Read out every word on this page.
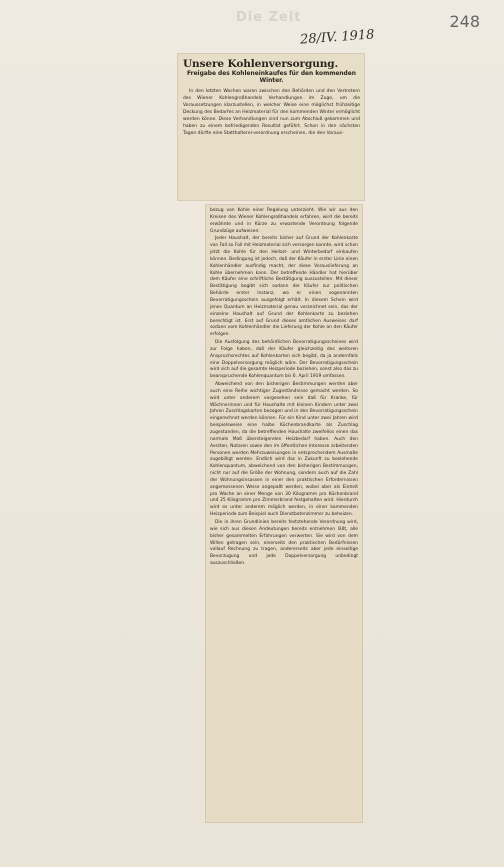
Die Zeit	248
28/IV. 1918
Unsere Kohlenversorgung.
Freigabe des Kohleneinkaufes für den kommenden Winter.

In den letzten Wochen waren zwischen den Behörden und den Vertretern des Wiener Kohlengroßhandels Verhandlungen im Zuge, um die Voraussetzungen klarzustellen, in welcher Weise eine möglichst frühzeitige Deckung des Bedarfes an Heizmaterial für den kommenden Winter ermöglicht werden könne. Diese Verhandlungen sind nun zum Abschluß gekommen und haben zu einem befriedigenden Resultat geführt. Schon in den nächsten Tagen dürfte eine Statthalterei-verordnung erscheinen, die den Voraus-

bezug von Kohle einer Regelung unterzieht. Wie wir aus den Kreisen des Wiener Kohlengroßhandels erfahren, wird die bereits erwähnte und in Kürze zu erwartende Verordnung folgende Grundzüge aufweisen:

Jeder Haushalt, der bereits bisher auf Grund der Kohlenkarte von Fall zu Fall mit Heizmaterial sich versorgen konnte, wird schon jetzt die Kohle für den Herbst- und Winterbedarf einkaufen können. Bedingung ist jedoch, daß der Käufer in erster Linie einen Kohlenhändler ausfindig macht, der diese Vorauslieferung an Kohle übernehmen kann. Der betreffende Händler hat hierüber dem Käufer eine schriftliche Bestätigung auszustellen. Mit dieser Bestätigung begibt sich sodann der Käufer zur politischen Behörde erster Instanz, wo er einen sogenannten Bevorratigungsschein ausgefolgt erhält. In diesem Schein wird jenes Quantum an Heizmaterial genau verzeichnet sein, das der einzelne Haushalt auf Grund der Kohlenkarte zu beziehen berechtigt ist. Erst auf Grund dieses amtlichen Ausweises darf sodann vom Kohlenhändler die Lieferung der Kohle an den Käufer erfolgen.

Die Ausfolgung des behördlichen Bevorratigungsscheines wird zur Folge haben, daß der Käufer gleichzeitig des weiteren Anspruchsrechtes auf Kohlenkarten sich begibt, da ja andernfalls eine Doppelversorgung möglich wäre. Der Bevorratigungsschein wird sich auf die gesamte Heizperiode beziehen, sonst also das zu beanspruchende Kohlenquantum bis 6. April 1919 umfassen.

Abweichend von den bisherigen Bestimmungen werden aber auch eine Reihe wichtiger Zugeständnisse gemacht werden. So wird unter anderem vorgesehen sein daß für Kranke, für Wöchnerinnen und für Haushalte mit kleinen Kindern unter zwei Jahren Zuschlagskarten bezogen und in den Bevorratigungsschein eingerechnet werden können. Für ein Kind unter zwei Jahren wird beispielsweise eine halbe Küchenbrandkarte als Zuschlag zugestanden, da die betreffenden Haushalte zweifellos einen das normale Maß übersteigenden Heizbedarf haben. Auch den Aerzten, Notaren sowie den im öffentlichen Interesse arbeitenden Personen werden Mehrzuweisungen in entsprechendem Ausmaße zugebilligt werden. Endlich wird das in Zukunft zu beziehende Kohlenquantum, abweichend von den bisherigen Bestimmungen, nicht nur auf die Größe der Wohnung, sondern auch auf die Zahl der Wohnungsinsassen in einer den praktischen Erfordernissen angemessenen Weise angepaßt werden, wobei aber als Einheit pro Woche an einer Menge von 30 Kilogramm pro Küchenbrand und 25 Kilogramm pro Zimmerbrand festgehalten wird. Hierdurch wird es unter anderem möglich werden, in einer kommenden Heizperiode zum Beispiel auch Dienstbotenzimmer zu beheizen.

Die in ihren Grundlinien bereits feststehende Verordnung wird, wie sich aus diesen Andeutungen bereits entnehmen läßt, alle bisher gesammelten Erfahrungen verwerten. Sie wird von dem Willen getragen sein, einerseits den praktischen Bedürfnissen vollauf Rechnung zu tragen, andererseits aber jede einseitige Bevorzugung und jede Doppelversorgung unbedingt auszuschließen.
